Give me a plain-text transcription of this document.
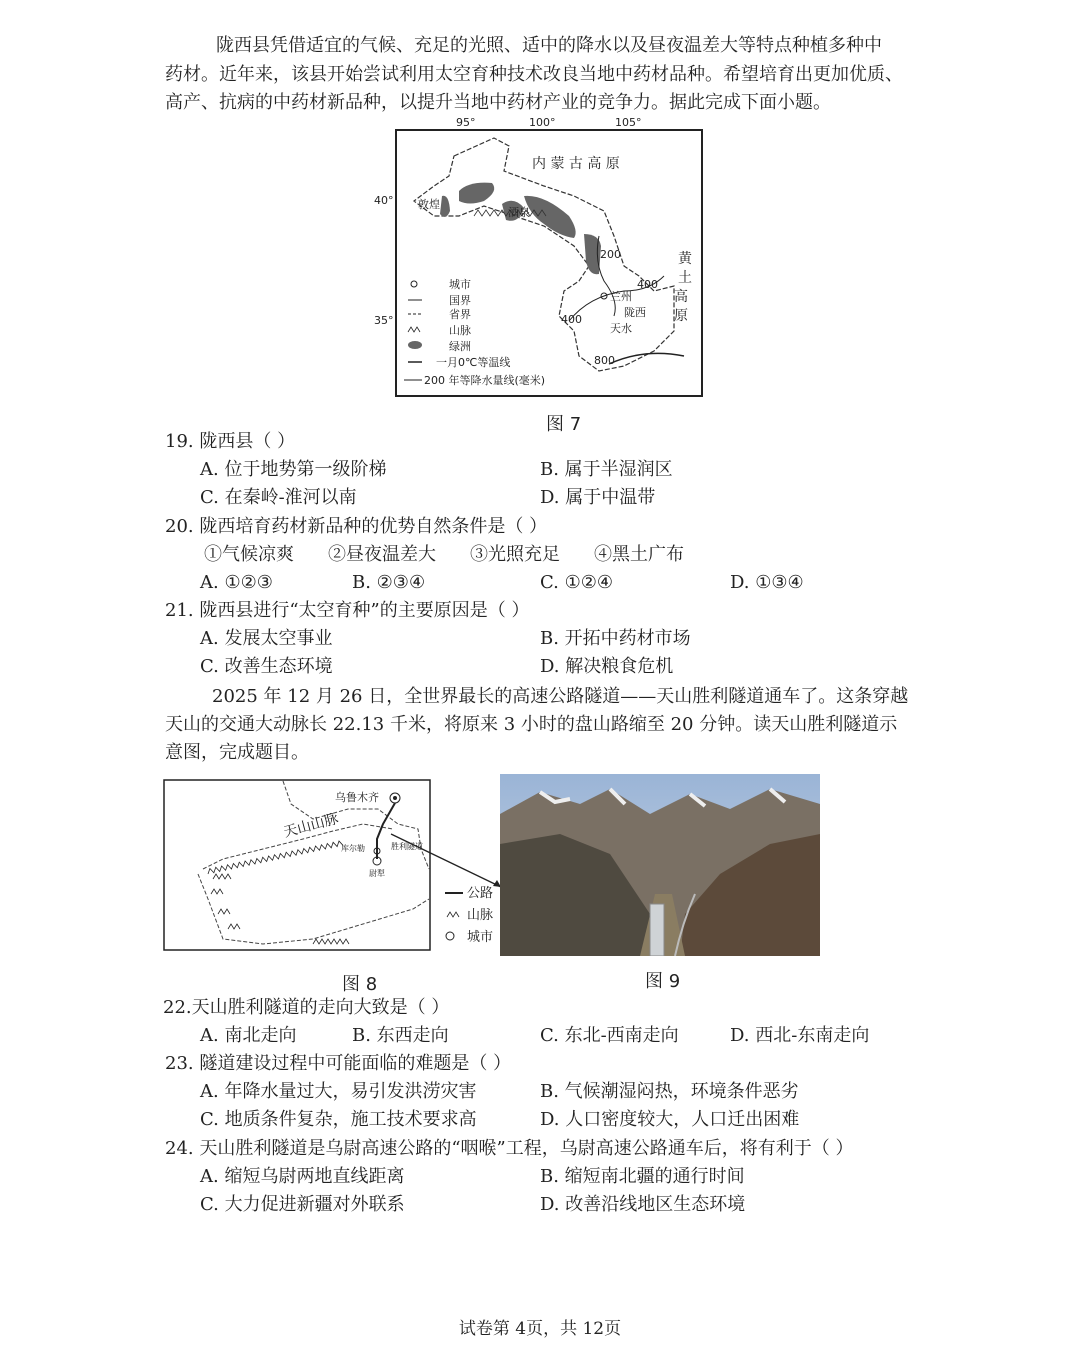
陇西县凭借适宜的气候、充足的光照、适中的降水以及昼夜温差大等特点种植多种中
药材。近年来，该县开始尝试利用太空育种技术改良当地中药材品种。希望培育出更加优质、
高产、抗病的中药材新品种，以提升当地中药材产业的竞争力。据此完成下面小题。
95°	100°	105°
40°
35°
200
400
400
800
内 蒙 古 高 原
黄
土
高
原
敦煌
酒泉
兰州
陇西
天水
城市
国界
省界
山脉
绿洲
一月0℃等温线
200 年等降水量线(毫米)
图 7
19. 陇西县（ ）
A. 位于地势第一级阶梯	B. 属于半湿润区
C. 在秦岭-淮河以南	D. 属于中温带
20. 陇西培育药材新品种的优势自然条件是（ ）
①气候凉爽 ②昼夜温差大 ③光照充足 ④黑土广布
A. ①②③	B. ②③④	C. ①②④	D. ①③④
21. 陇西县进行“太空育种”的主要原因是（ ）
A. 发展太空事业	B. 开拓中药材市场
C. 改善生态环境	D. 解决粮食危机
2025 年 12 月 26 日，全世界最长的高速公路隧道——天山胜利隧道通车了。这条穿越
天山的交通大动脉长 22.13 千米，将原来 3 小时的盘山路缩至 20 分钟。读天山胜利隧道示
意图，完成题目。
天山山脉
乌鲁木齐
库尔勒
尉犁
胜利隧道
公路
山脉
城市
图 8	图 9
22.天山胜利隧道的走向大致是（ ）
A. 南北走向	B. 东西走向	C. 东北-西南走向	D. 西北-东南走向
23. 隧道建设过程中可能面临的难题是（ ）
A. 年降水量过大，易引发洪涝灾害	B. 气候潮湿闷热，环境条件恶劣
C. 地质条件复杂，施工技术要求高	D. 人口密度较大，人口迁出困难
24. 天山胜利隧道是乌尉高速公路的“咽喉”工程，乌尉高速公路通车后，将有利于（ ）
A. 缩短乌尉两地直线距离	B. 缩短南北疆的通行时间
C. 大力促进新疆对外联系	D. 改善沿线地区生态环境
试卷第 4页，共 12页
